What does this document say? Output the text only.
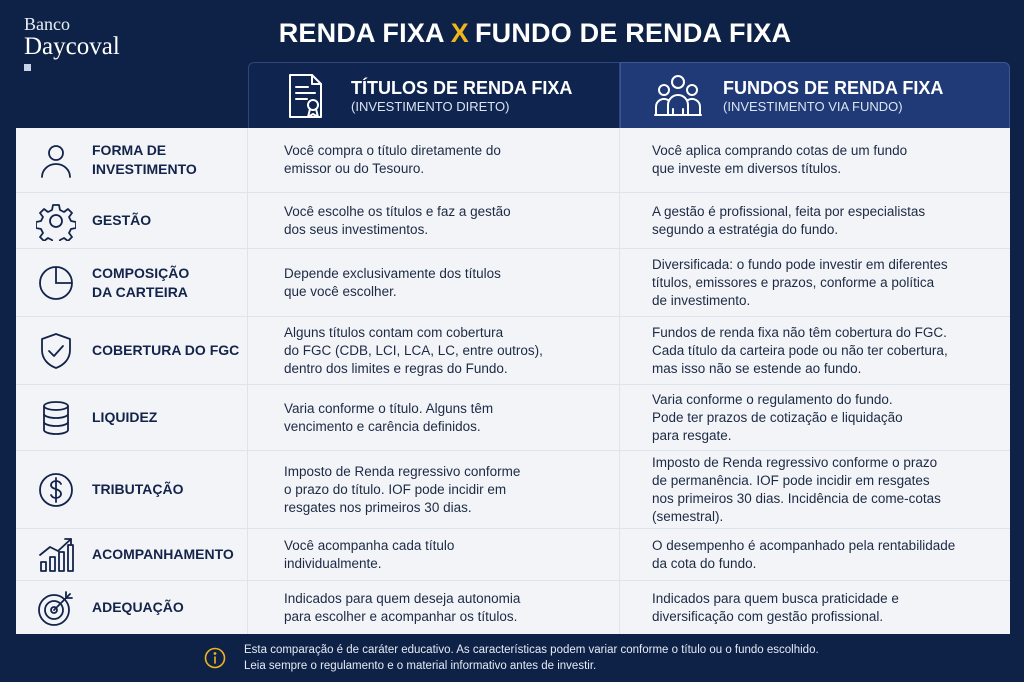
Banco
Daycoval	RENDA FIXA X FUNDO DE RENDA FIXA
TÍTULOS DE RENDA FIXA
(INVESTIMENTO DIRETO)
FUNDOS DE RENDA FIXA
(INVESTIMENTO VIA FUNDO)
FORMA DE
INVESTIMENTO
Você compra o título diretamente do
emissor ou do Tesouro.
Você aplica comprando cotas de um fundo
que investe em diversos títulos.
GESTÃO
Você escolhe os títulos e faz a gestão
dos seus investimentos.
A gestão é profissional, feita por especialistas
segundo a estratégia do fundo.
COMPOSIÇÃO
DA CARTEIRA
Depende exclusivamente dos títulos
que você escolher.
Diversificada: o fundo pode investir em diferentes
títulos, emissores e prazos, conforme a política
de investimento.
COBERTURA DO FGC
Alguns títulos contam com cobertura
do FGC (CDB, LCI, LCA, LC, entre outros),
dentro dos limites e regras do Fundo.
Fundos de renda fixa não têm cobertura do FGC.
Cada título da carteira pode ou não ter cobertura,
mas isso não se estende ao fundo.
LIQUIDEZ
Varia conforme o título. Alguns têm
vencimento e carência definidos.
Varia conforme o regulamento do fundo.
Pode ter prazos de cotização e liquidação
para resgate.
TRIBUTAÇÃO
Imposto de Renda regressivo conforme
o prazo do título. IOF pode incidir em
resgates nos primeiros 30 dias.
Imposto de Renda regressivo conforme o prazo
de permanência. IOF pode incidir em resgates
nos primeiros 30 dias. Incidência de come-cotas
(semestral).
ACOMPANHAMENTO
Você acompanha cada título
individualmente.
O desempenho é acompanhado pela rentabilidade
da cota do fundo.
ADEQUAÇÃO
Indicados para quem deseja autonomia
para escolher e acompanhar os títulos.
Indicados para quem busca praticidade e
diversificação com gestão profissional.
Esta comparação é de caráter educativo. As características podem variar conforme o título ou o fundo escolhido.
Leia sempre o regulamento e o material informativo antes de investir.
